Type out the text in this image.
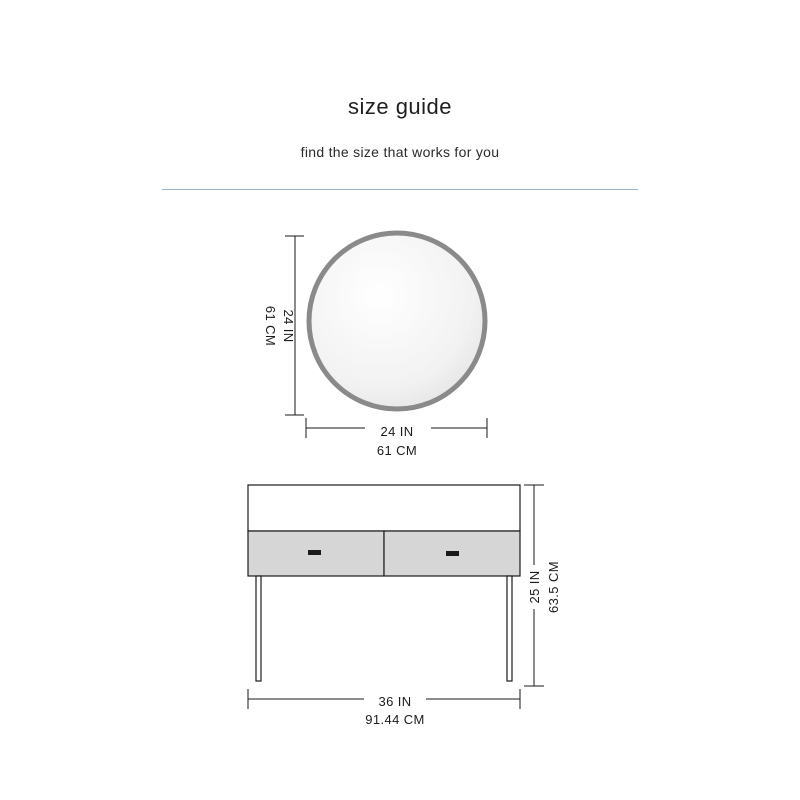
size guide
find the size that works for you
24 IN
61 CM
24 IN
61 CM
25 IN 63.5 CM
36 IN
91.44 CM
